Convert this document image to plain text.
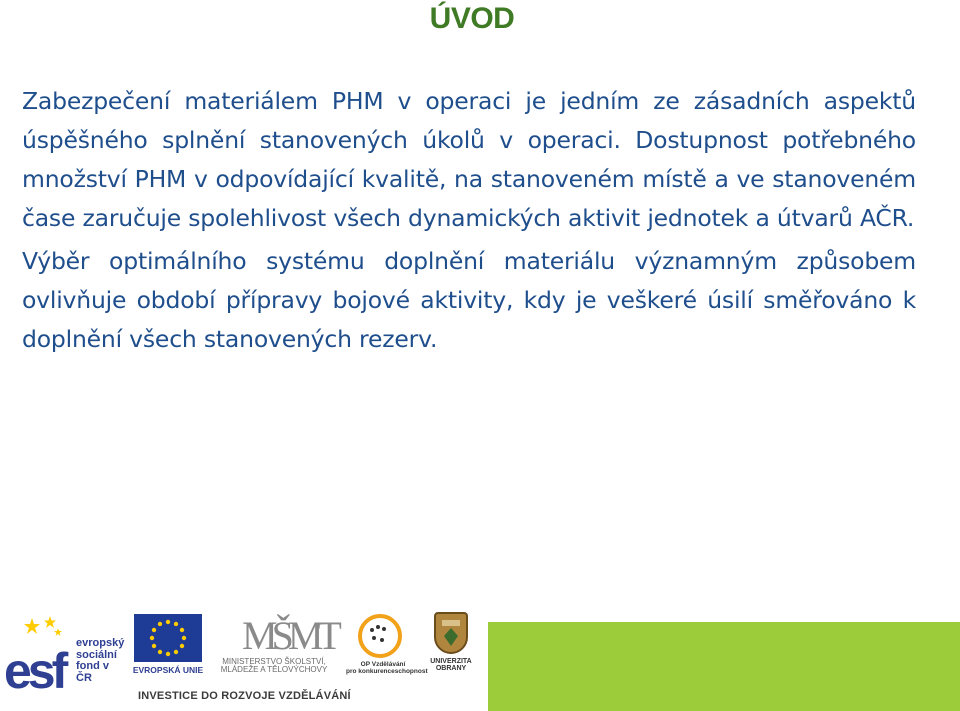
ÚVOD

Zabezpečení materiálem PHM v operaci je jedním ze zásadních aspektů úspěšného splnění stanovených úkolů v operaci. Dostupnost potřebného množství PHM v odpovídající kvalitě, na stanoveném místě a ve stanoveném čase zaručuje spolehlivost všech dynamických aktivit jednotek a útvarů AČR.

Výběr optimálního systému doplnění materiálu významným způsobem ovlivňuje období přípravy bojové aktivity, kdy je veškeré úsilí směřováno k doplnění všech stanovených rezerv.

esf evropský
sociální
fond v ČR
EVROPSKÁ UNIE
MŠMT
MINISTERSTVO ŠKOLSTVÍ,
MLÁDEŽE A TĚLOVÝCHOVY
OP Vzdělávání
pro konkurenceschopnost
UNIVERZITA
OBRANY
INVESTICE DO ROZVOJE VZDĚLÁVÁNÍ
